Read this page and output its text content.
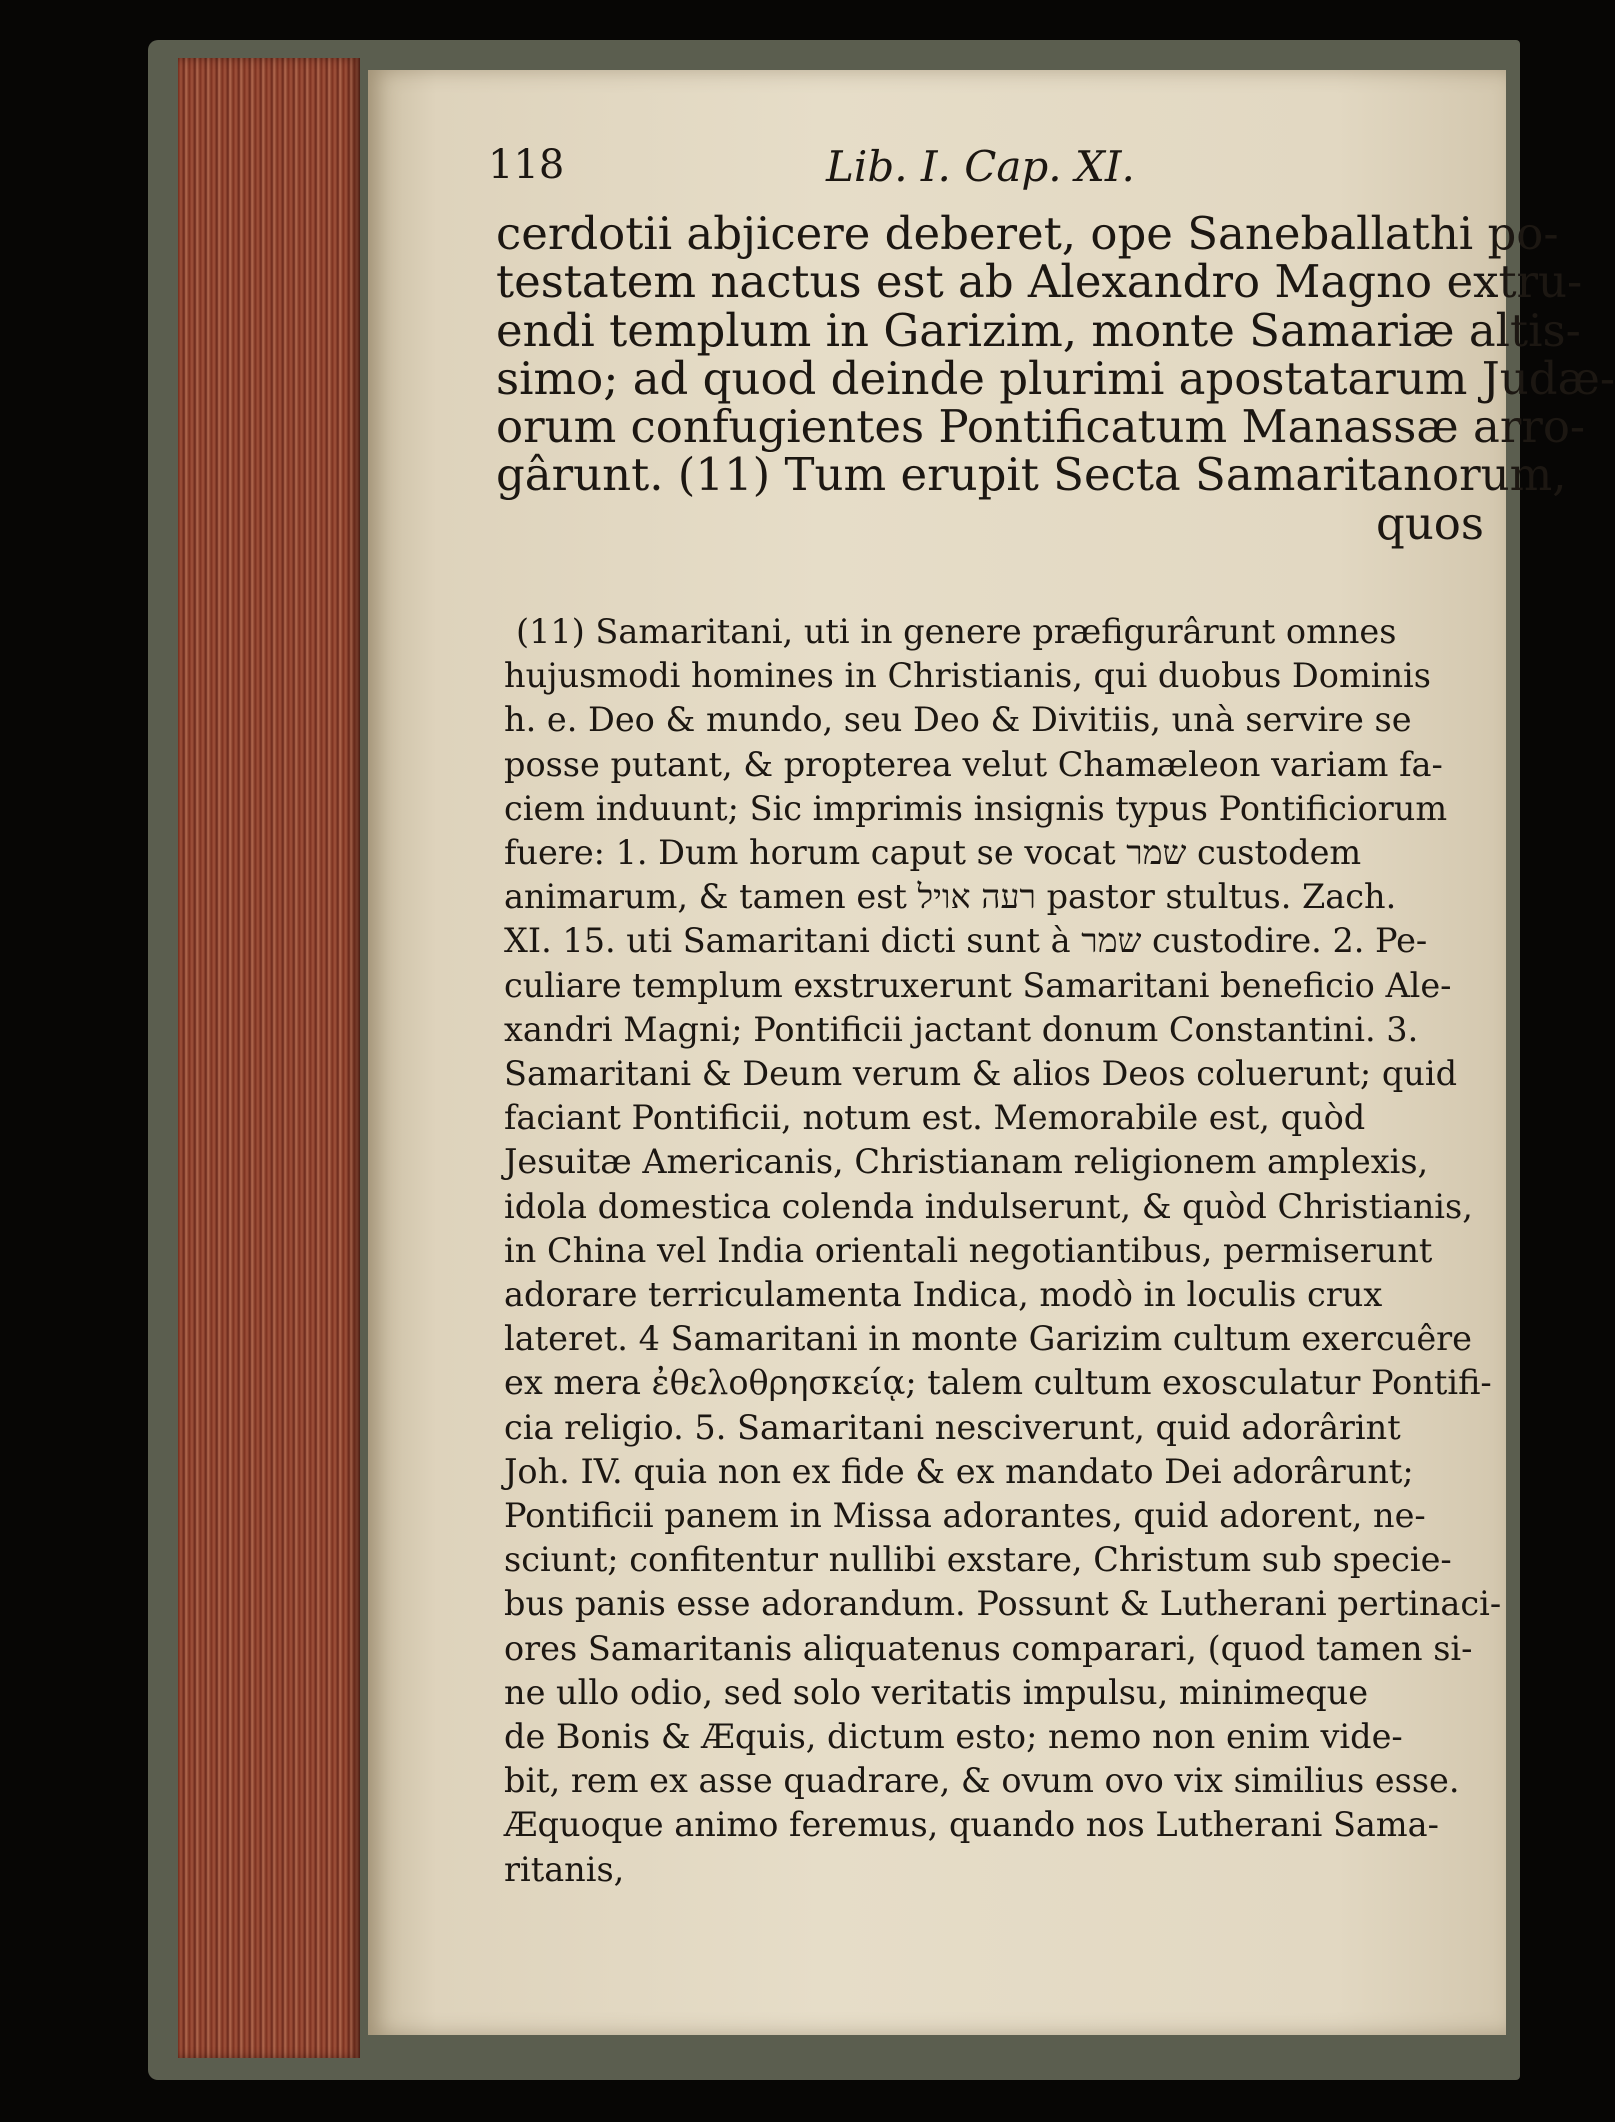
118	Lib. I. Cap. XI.
cerdotii abjicere deberet, ope Saneballathi po-
testatem nactus est ab Alexandro Magno extru-
endi templum in Garizim, monte Samariæ altis-
simo; ad quod deinde plurimi apostatarum Judæ-
orum confugientes Pontificatum Manassæ arro-
gârunt. (11) Tum erupit Secta Samaritanorum,
quos
(11) Samaritani, uti in genere præfigurârunt omnes
hujusmodi homines in Christianis, qui duobus Dominis
h. e. Deo & mundo, seu Deo & Divitiis, unà servire se
posse putant, & propterea velut Chamæleon variam fa-
ciem induunt; Sic imprimis insignis typus Pontificiorum
fuere: 1. Dum horum caput se vocat שמר custodem
animarum, & tamen est רעה אויל pastor stultus. Zach.
XI. 15. uti Samaritani dicti sunt à שמר custodire. 2. Pe-
culiare templum exstruxerunt Samaritani beneficio Ale-
xandri Magni; Pontificii jactant donum Constantini. 3.
Samaritani & Deum verum & alios Deos coluerunt; quid
faciant Pontificii, notum est. Memorabile est, quòd
Jesuitæ Americanis, Christianam religionem amplexis,
idola domestica colenda indulserunt, & quòd Christianis,
in China vel India orientali negotiantibus, permiserunt
adorare terriculamenta Indica, modò in loculis crux
lateret. 4 Samaritani in monte Garizim cultum exercuêre
ex mera ἐθελοθρησκείᾳ; talem cultum exosculatur Pontifi-
cia religio. 5. Samaritani nesciverunt, quid adorârint
Joh. IV. quia non ex fide & ex mandato Dei adorârunt;
Pontificii panem in Missa adorantes, quid adorent, ne-
sciunt; confitentur nullibi exstare, Christum sub specie-
bus panis esse adorandum. Possunt & Lutherani pertinaci-
ores Samaritanis aliquatenus comparari, (quod tamen si-
ne ullo odio, sed solo veritatis impulsu, minimeque
de Bonis & Æquis, dictum esto; nemo non enim vide-
bit, rem ex asse quadrare, & ovum ovo vix similius esse.
Æquoque animo feremus, quando nos Lutherani Sama-
ritanis,
